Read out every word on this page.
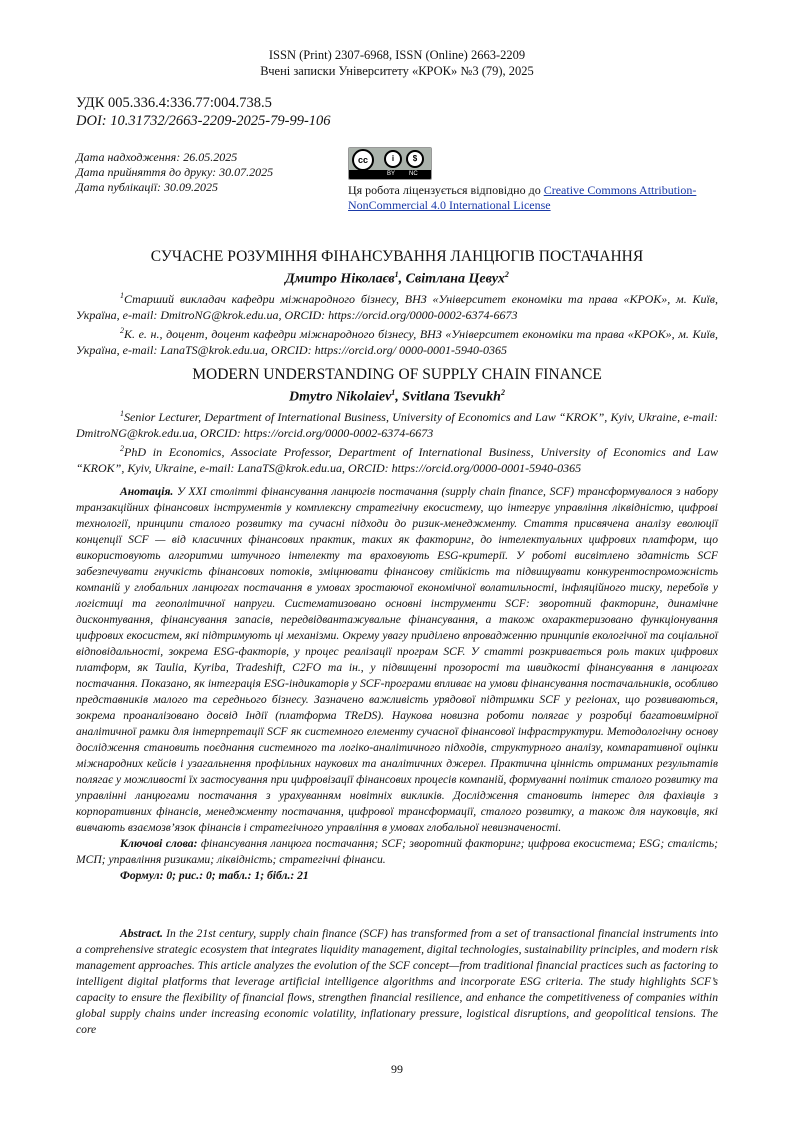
ISSN (Print) 2307-6968, ISSN (Online) 2663-2209
Вчені записки Університету «КРОК» №3 (79), 2025
УДК 005.336.4:336.77:004.738.5
DOI: 10.31732/2663-2209-2025-79-99-106
Дата надходження: 26.05.2025
Дата прийняття до друку: 30.07.2025
Дата публікації: 30.09.2025
cc	i	$
BY NC
Ця робота ліцензується відповідно до Creative Commons Attribution-NonCommercial 4.0 International License
СУЧАСНЕ РОЗУМІННЯ ФІНАНСУВАННЯ ЛАНЦЮГІВ ПОСТАЧАННЯ
Дмитро Ніколаєв$^1$, Світлана Цевух$^2$

$^1$Старший викладач кафедри міжнародного бізнесу, ВНЗ «Університет економіки та права «КРОК», м. Київ, Україна, e-mail: DmitroNG@krok.edu.ua, ORCID: https://orcid.org/0000-0002-6374-6673

$^2$К. е. н., доцент, доцент кафедри міжнародного бізнесу, ВНЗ «Університет економіки та права «КРОК», м. Київ, Україна, e-mail: LanaTS@krok.edu.ua, ORCID: https://orcid.org/ 0000-0001-5940-0365

MODERN UNDERSTANDING OF SUPPLY CHAIN FINANCE
Dmytro Nikolaiev$^1$, Svitlana Tsevukh$^2$

$^1$Senior Lecturer, Department of International Business, University of Economics and Law “KROK”, Kyiv, Ukraine, e-mail: DmitroNG@krok.edu.ua, ORCID: https://orcid.org/0000-0002-6374-6673

$^2$PhD in Economics, Associate Professor, Department of International Business, University of Economics and Law “KROK”, Kyiv, Ukraine, e-mail: LanaTS@krok.edu.ua, ORCID: https://orcid.org/0000-0001-5940-0365

Анотація. У XXI столітті фінансування ланцюгів постачання (supply chain finance, SCF) трансформувалося з набору транзакційних фінансових інструментів у комплексну стратегічну екосистему, що інтегрує управління ліквідністю, цифрові технології, принципи сталого розвитку та сучасні підходи до ризик-менеджменту. Стаття присвячена аналізу еволюції концепції SCF — від класичних фінансових практик, таких як факторинг, до інтелектуальних цифрових платформ, що використовують алгоритми штучного інтелекту та враховують ESG-критерії. У роботі висвітлено здатність SCF забезпечувати гнучкість фінансових потоків, зміцнювати фінансову стійкість та підвищувати конкурентоспроможність компаній у глобальних ланцюгах постачання в умовах зростаючої економічної волатильності, інфляційного тиску, перебоїв у логістиці та геополітичної напруги. Систематизовано основні інструменти SCF: зворотний факторинг, динамічне дисконтування, фінансування запасів, передвідвантажувальне фінансування, а також охарактеризовано функціонування цифрових екосистем, які підтримують ці механізми. Окрему увагу приділено впровадженню принципів екологічної та соціальної відповідальності, зокрема ESG-факторів, у процес реалізації програм SCF. У статті розкривається роль таких цифрових платформ, як Taulia, Kyriba, Tradeshift, C2FO та ін., у підвищенні прозорості та швидкості фінансування в ланцюгах постачання. Показано, як інтеграція ESG-індикаторів у SCF-програми впливає на умови фінансування постачальників, особливо представників малого та середнього бізнесу. Зазначено важливість урядової підтримки SCF у регіонах, що розвиваються, зокрема проаналізовано досвід Індії (платформа TReDS). Наукова новизна роботи полягає у розробці багатовимірної аналітичної рамки для інтерпретації SCF як системного елементу сучасної фінансової інфраструктури. Методологічну основу дослідження становить поєднання системного та логіко-аналітичного підходів, структурного аналізу, компаративної оцінки міжнародних кейсів і узагальнення профільних наукових та аналітичних джерел. Практична цінність отриманих результатів полягає у можливості їх застосування при цифровізації фінансових процесів компаній, формуванні політик сталого розвитку та управлінні ланцюгами постачання з урахуванням новітніх викликів. Дослідження становить інтерес для фахівців з корпоративних фінансів, менеджменту постачання, цифрової трансформації, сталого розвитку, а також для науковців, які вивчають взаємозв’язок фінансів і стратегічного управління в умовах глобальної невизначеності.

Ключові слова: фінансування ланцюга постачання; SCF; зворотний факторинг; цифрова екосистема; ESG; сталість; МСП; управління ризиками; ліквідність; стратегічні фінанси.

Формул: 0; рис.: 0; табл.: 1; бібл.: 21

Abstract. In the 21st century, supply chain finance (SCF) has transformed from a set of transactional financial instruments into a comprehensive strategic ecosystem that integrates liquidity management, digital technologies, sustainability principles, and modern risk management approaches. This article analyzes the evolution of the SCF concept—from traditional financial practices such as factoring to intelligent digital platforms that leverage artificial intelligence algorithms and incorporate ESG criteria. The study highlights SCF’s capacity to ensure the flexibility of financial flows, strengthen financial resilience, and enhance the competitiveness of companies within global supply chains under increasing economic volatility, inflationary pressure, logistical disruptions, and geopolitical tensions. The core

99
